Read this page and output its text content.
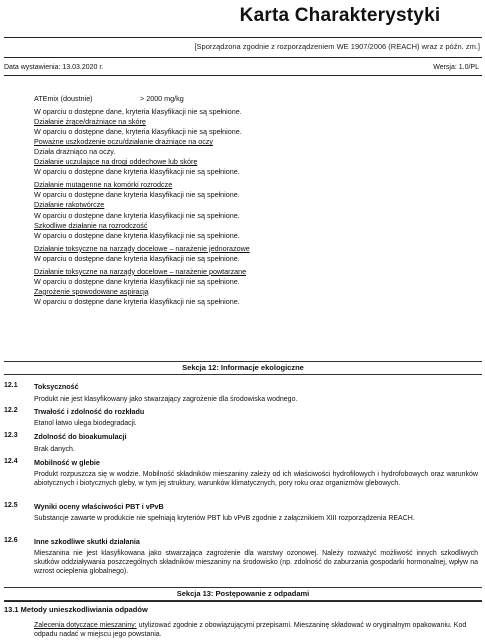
Karta Charakterystyki
[Sporządzona zgodnie z rozporządzeniem WE 1907/2006 (REACH) wraz z późn. zm.]
Data wystawienia: 13.03.2020 r.	Wersja: 1.0/PL
ATEmix (doustnie)	> 2000 mg/kg
W oparciu o dostępne dane, kryteria klasyfikacji nie są spełnione.
Działanie żrące/drażniące na skórę
W oparciu o dostępne dane, kryteria klasyfikacji nie są spełnione.
Poważne uszkodzenie oczu/działanie drażniące na oczy
Działa drażniąco na oczy.
Działanie uczulające na drogi oddechowe lub skórę
W oparciu o dostępne dane kryteria klasyfikacji nie są spełnione.
Działanie mutagenne na komórki rozrodcze
W oparciu o dostępne dane kryteria klasyfikacji nie są spełnione.
Działanie rakotwórcze
W oparciu o dostępne dane kryteria klasyfikacji nie są spełnione.
Szkodliwe działanie na rozrodczość
W oparciu o dostępne dane kryteria klasyfikacji nie są spełnione.
Działanie toksyczne na narządy docelowe – narażenie jednorazowe
W oparciu o dostępne dane kryteria klasyfikacji nie są spełnione.
Działanie toksyczne na narządy docelowe – narażenie powtarzane
W oparciu o dostępne dane kryteria klasyfikacji nie są spełnione.
Zagrożenie spowodowane aspiracją
W oparciu o dostępne dane kryteria klasyfikacji nie są spełnione.
Sekcja 12: Informacje ekologiczne
12.1 Toksyczność
Produkt nie jest klasyfikowany jako stwarzający zagrożenie dla środowiska wodnego.
12.2 Trwałość i zdolność do rozkładu
Etanol łatwo ulega biodegradacji.
12.3 Zdolność do bioakumulacji
Brak danych.
12.4 Mobilność w glebie
Produkt rozpuszcza się w wodzie. Mobilność składników mieszaniny zależy od ich właściwości hydrofilowych i hydrofobowych oraz warunków abiotycznych i biotycznych gleby, w tym jej struktury, warunków klimatycznych, pory roku oraz organizmów glebowych.
12.5 Wyniki oceny właściwości PBT i vPvB
Substancje zawarte w produkcie nie spełniają kryteriów PBT lub vPvB zgodnie z załącznikiem XIII rozporządzenia REACH.
12.6 Inne szkodliwe skutki działania
Mieszanina nie jest klasyfikowana jako stwarzająca zagrożenie dla warstwy ozonowej. Należy rozważyć możliwość innych szkodliwych skutków oddziaływania poszczególnych składników mieszaniny na środowisko (np. zdolność do zaburzania gospodarki hormonalnej, wpływ na wzrost ocieplenia globalnego).
Sekcja 13: Postępowanie z odpadami
13.1 Metody unieszkodliwiania odpadów
Zalecenia dotyczące mieszaniny: utylizować zgodnie z obowiązującymi przepisami. Mieszaninę składować w oryginalnym opakowaniu. Kod odpadu nadać w miejscu jego powstania.
